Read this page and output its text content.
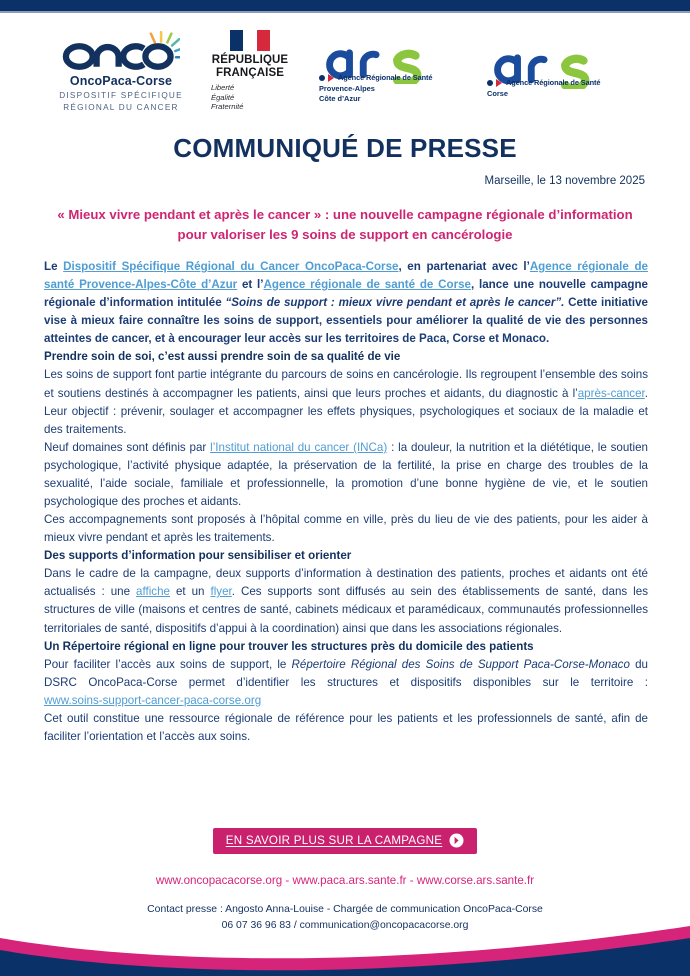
OncoPaca-Corse
DISPOSITIF SPÉCIFIQUE
RÉGIONAL DU CANCER
RÉPUBLIQUE
FRANÇAISE
Liberté
Égalité
Fraternité
Agence Régionale de Santé
Provence-Alpes
Côte d’Azur
Agence Régionale de Santé
Corse
COMMUNIQUÉ DE PRESSE
Marseille, le 13 novembre 2025
« Mieux vivre pendant et après le cancer » : une nouvelle campagne régionale d’information pour valoriser les 9 soins de support en cancérologie

Le Dispositif Spécifique Régional du Cancer OncoPaca-Corse, en partenariat avec l’Agence régionale de santé Provence-Alpes-Côte d’Azur et l’Agence régionale de santé de Corse, lance une nouvelle campagne régionale d’information intitulée “Soins de support : mieux vivre pendant et après le cancer”. Cette initiative vise à mieux faire connaître les soins de support, essentiels pour améliorer la qualité de vie des personnes atteintes de cancer, et à encourager leur accès sur les territoires de Paca, Corse et Monaco.

Prendre soin de soi, c’est aussi prendre soin de sa qualité de vie

Les soins de support font partie intégrante du parcours de soins en cancérologie. Ils regroupent l’ensemble des soins et soutiens destinés à accompagner les patients, ainsi que leurs proches et aidants, du diagnostic à l’après-cancer. Leur objectif : prévenir, soulager et accompagner les effets physiques, psychologiques et sociaux de la maladie et des traitements.

Neuf domaines sont définis par l’Institut national du cancer (INCa) : la douleur, la nutrition et la diététique, le soutien psychologique, l’activité physique adaptée, la préservation de la fertilité, la prise en charge des troubles de la sexualité, l’aide sociale, familiale et professionnelle, la promotion d’une bonne hygiène de vie, et le soutien psychologique des proches et aidants.

Ces accompagnements sont proposés à l’hôpital comme en ville, près du lieu de vie des patients, pour les aider à mieux vivre pendant et après les traitements.

Des supports d’information pour sensibiliser et orienter

Dans le cadre de la campagne, deux supports d’information à destination des patients, proches et aidants ont été actualisés : une affiche et un flyer. Ces supports sont diffusés au sein des établissements de santé, dans les structures de ville (maisons et centres de santé, cabinets médicaux et paramédicaux, communautés professionnelles territoriales de santé, dispositifs d’appui à la coordination) ainsi que dans les associations régionales.

Un Répertoire régional en ligne pour trouver les structures près du domicile des patients

Pour faciliter l’accès aux soins de support, le Répertoire Régional des Soins de Support Paca-Corse-Monaco du DSRC OncoPaca-Corse permet d’identifier les structures et dispositifs disponibles sur le territoire : www.soins-support-cancer-paca-corse.org

Cet outil constitue une ressource régionale de référence pour les patients et les professionnels de santé, afin de faciliter l’orientation et l’accès aux soins.

EN SAVOIR PLUS SUR LA CAMPAGNE
www.oncopacacorse.org - www.paca.ars.sante.fr - www.corse.ars.sante.fr
Contact presse : Angosto Anna-Louise - Chargée de communication OncoPaca-Corse
06 07 36 96 83 / communication@oncopacacorse.org
